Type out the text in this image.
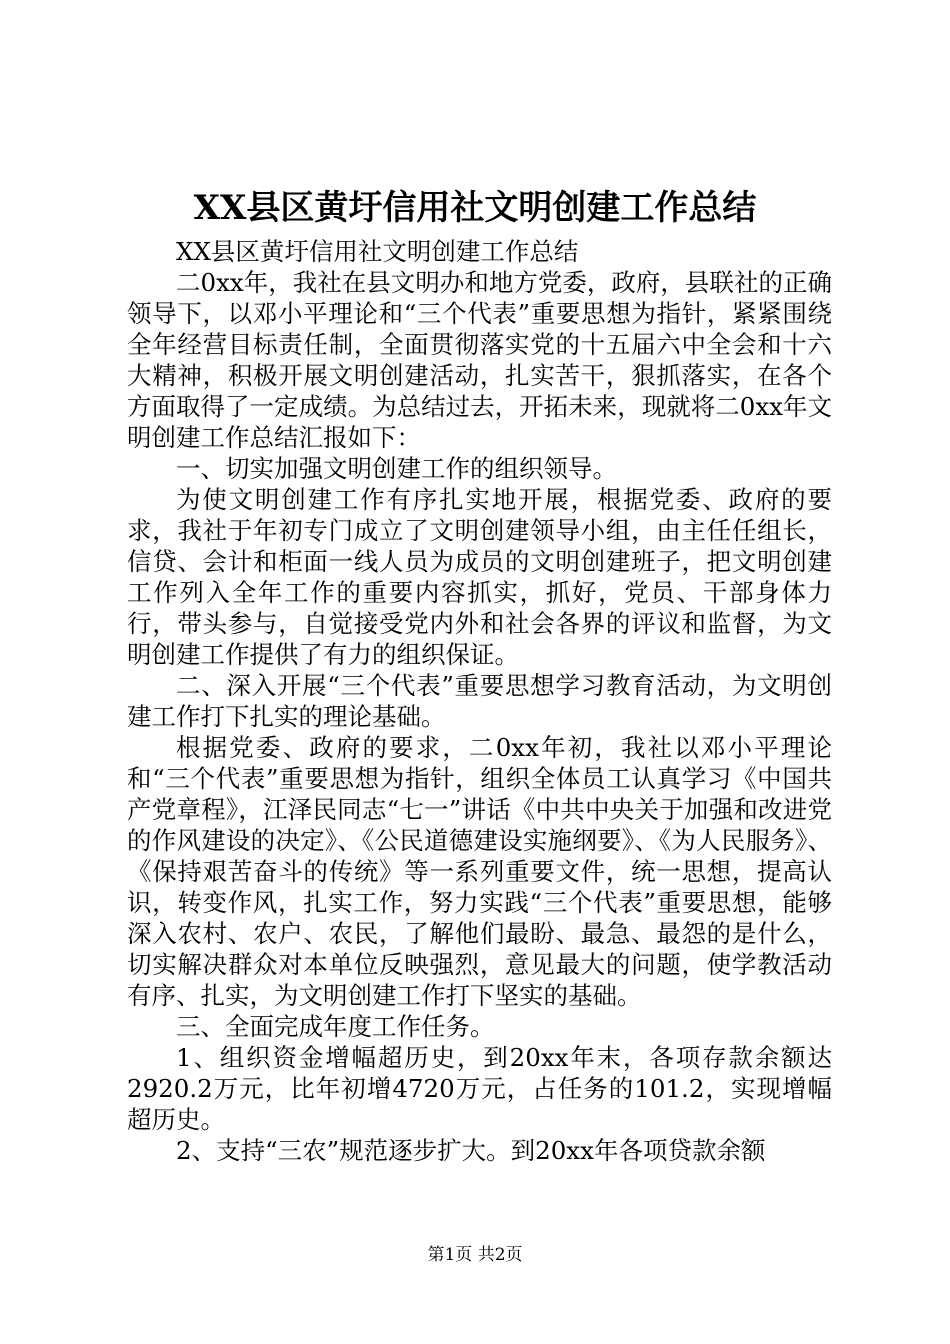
XX县区黄圩信用社文明创建工作总结

XX县区黄圩信用社文明创建工作总结

二0xx年，我社在县文明办和地方党委，政府，县联社的正确领导下，以邓小平理论和“三个代表”重要思想为指针，紧紧围绕全年经营目标责任制，全面贯彻落实党的十五届六中全会和十六大精神，积极开展文明创建活动，扎实苦干，狠抓落实，在各个方面取得了一定成绩。为总结过去，开拓未来，现就将二0xx年文明创建工作总结汇报如下：

一、切实加强文明创建工作的组织领导。

为使文明创建工作有序扎实地开展，根据党委、政府的要求，我社于年初专门成立了文明创建领导小组，由主任任组长，信贷、会计和柜面一线人员为成员的文明创建班子，把文明创建工作列入全年工作的重要内容抓实，抓好，党员、干部身体力行，带头参与，自觉接受党内外和社会各界的评议和监督，为文明创建工作提供了有力的组织保证。

二、深入开展“三个代表”重要思想学习教育活动，为文明创建工作打下扎实的理论基础。

根据党委、政府的要求，二0xx年初，我社以邓小平理论和“三个代表”重要思想为指针，组织全体员工认真学习《中国共产党章程》，江泽民同志“七一”讲话《中共中央关于加强和改进党的作风建设的决定》、《公民道德建设实施纲要》、《为人民服务》、《保持艰苦奋斗的传统》等一系列重要文件，统一思想，提高认识，转变作风，扎实工作，努力实践“三个代表”重要思想，能够深入农村、农户、农民，了解他们最盼、最急、最怨的是什么，切实解决群众对本单位反映强烈，意见最大的问题，使学教活动有序、扎实，为文明创建工作打下坚实的基础。

三、全面完成年度工作任务。

1、组织资金增幅超历史，到20xx年末，各项存款余额达2920.2万元，比年初增4720万元，占任务的101.2，实现增幅超历史。

2、支持“三农”规范逐步扩大。到20xx年各项贷款余额

第1页 共2页
